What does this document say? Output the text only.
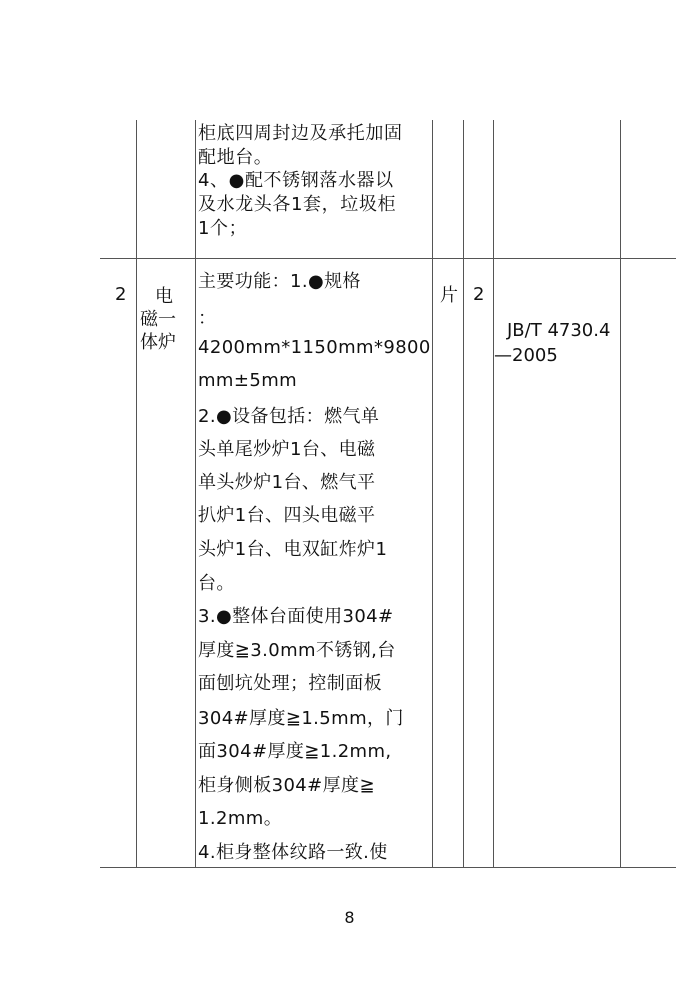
柜底四周封边及承托加固
配地台。
4、●配不锈钢落水器以
及水龙头各1套，垃圾柜
1个；
2 电
磁一
体炉
主要功能：1.●规格
：
4200mm*1150mm*9800
mm±5mm
2.●设备包括：燃气单
头单尾炒炉1台、电磁
单头炒炉1台、燃气平
扒炉1台、四头电磁平
头炉1台、电双缸炸炉1
台。
3.●整体台面使用304#
厚度≧3.0mm不锈钢,台
面刨坑处理；控制面板
304#厚度≧1.5mm，门
面304#厚度≧1.2mm,
柜身侧板304#厚度≧
1.2mm。
4.柜身整体纹路一致.使
片 2
JB/T 4730.4
—2005
8
